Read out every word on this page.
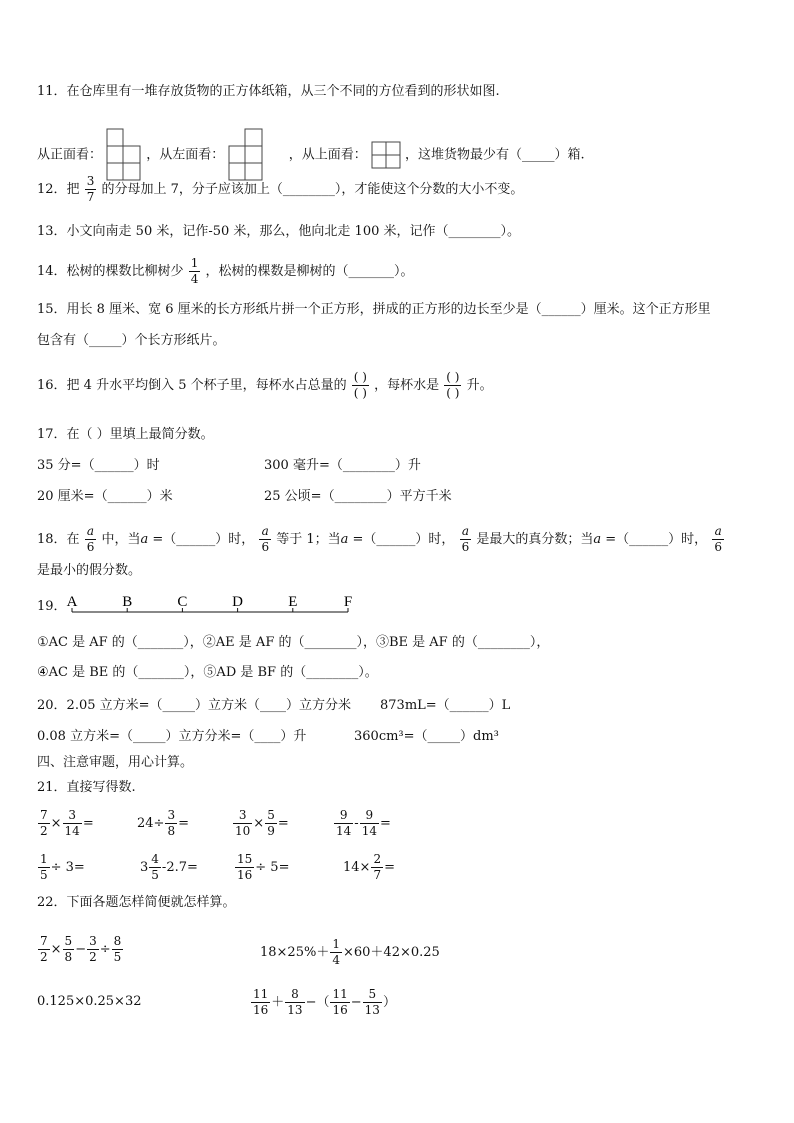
11．在仓库里有一堆存放货物的正方体纸箱，从三个不同的方位看到的形状如图.
从正面看：	，从左面看：	，从上面看：	，这堆货物最少有（_____）箱.
12．把 $\frac{3}{7}$ 的分母加上 7，分子应该加上（________），才能使这个分数的大小不变。
13．小文向南走 50 米，记作-50 米，那么，他向北走 100 米，记作（________）。
14．松树的棵数比柳树少 $\frac{1}{4}$ ，松树的棵数是柳树的（_______）。
15．用长 8 厘米、宽 6 厘米的长方形纸片拼一个正方形，拼成的正方形的边长至少是（______）厘米。这个正方形里
包含有（_____）个长方形纸片。
16．把 4 升水平均倒入 5 个杯子里，每杯水占总量的
( )
( ) ，每杯水是
( )
( ) 升。
17．在（ ）里填上最简分数。
35 分=（______）时	300 毫升=（________）升
20 厘米=（______）米	25 公顷=（________）平方千米
18．在 $\frac{a}{6}$ 中，当a =（______）时， $\frac{a}{6}$ 等于 1；当a =（______）时， $\frac{a}{6}$ 是最大的真分数；当a =（______）时， $\frac{a}{6}$
是最小的假分数。
19． A	B	C	D	E	F
①AC 是 AF 的（_______），②AE 是 AF 的（________），③BE 是 AF 的（________），
④AC 是 BE 的（_______），⑤AD 是 BF 的（________）。
20．2.05 立方米=（_____）立方米（____）立方分米 873mL=（______）L
0.08 立方米=（_____）立方分米=（____）升	360cm³=（_____）dm³
四、注意审题，用心计算。
21．直接写得数.
$\frac{7}{2} \times \frac{3}{14}$ =	$24\div \frac{3}{8}$ =	$\frac{3}{10} \times \frac{5}{9}$ =	$\frac{9}{14} - \frac{9}{14}$ =
$\frac{1}{5} \div 3=$	$3 \frac{4}{5} -2.7=$	$\frac{15}{16} \div 5=$	$14\times \frac{2}{7}$ =
22．下面各题怎样简便就怎样算。
$\frac{7}{2} \times \frac{5}{8} - \frac{3}{2} \div \frac{8}{5}$	$18\times 25\%+ \frac{1}{4} \times 60+42\times 0.25$
0.125×0.25×32	$\frac{11}{16} + \frac{8}{13}$ −（ $\frac{11}{16} - \frac{5}{13}$ ）
